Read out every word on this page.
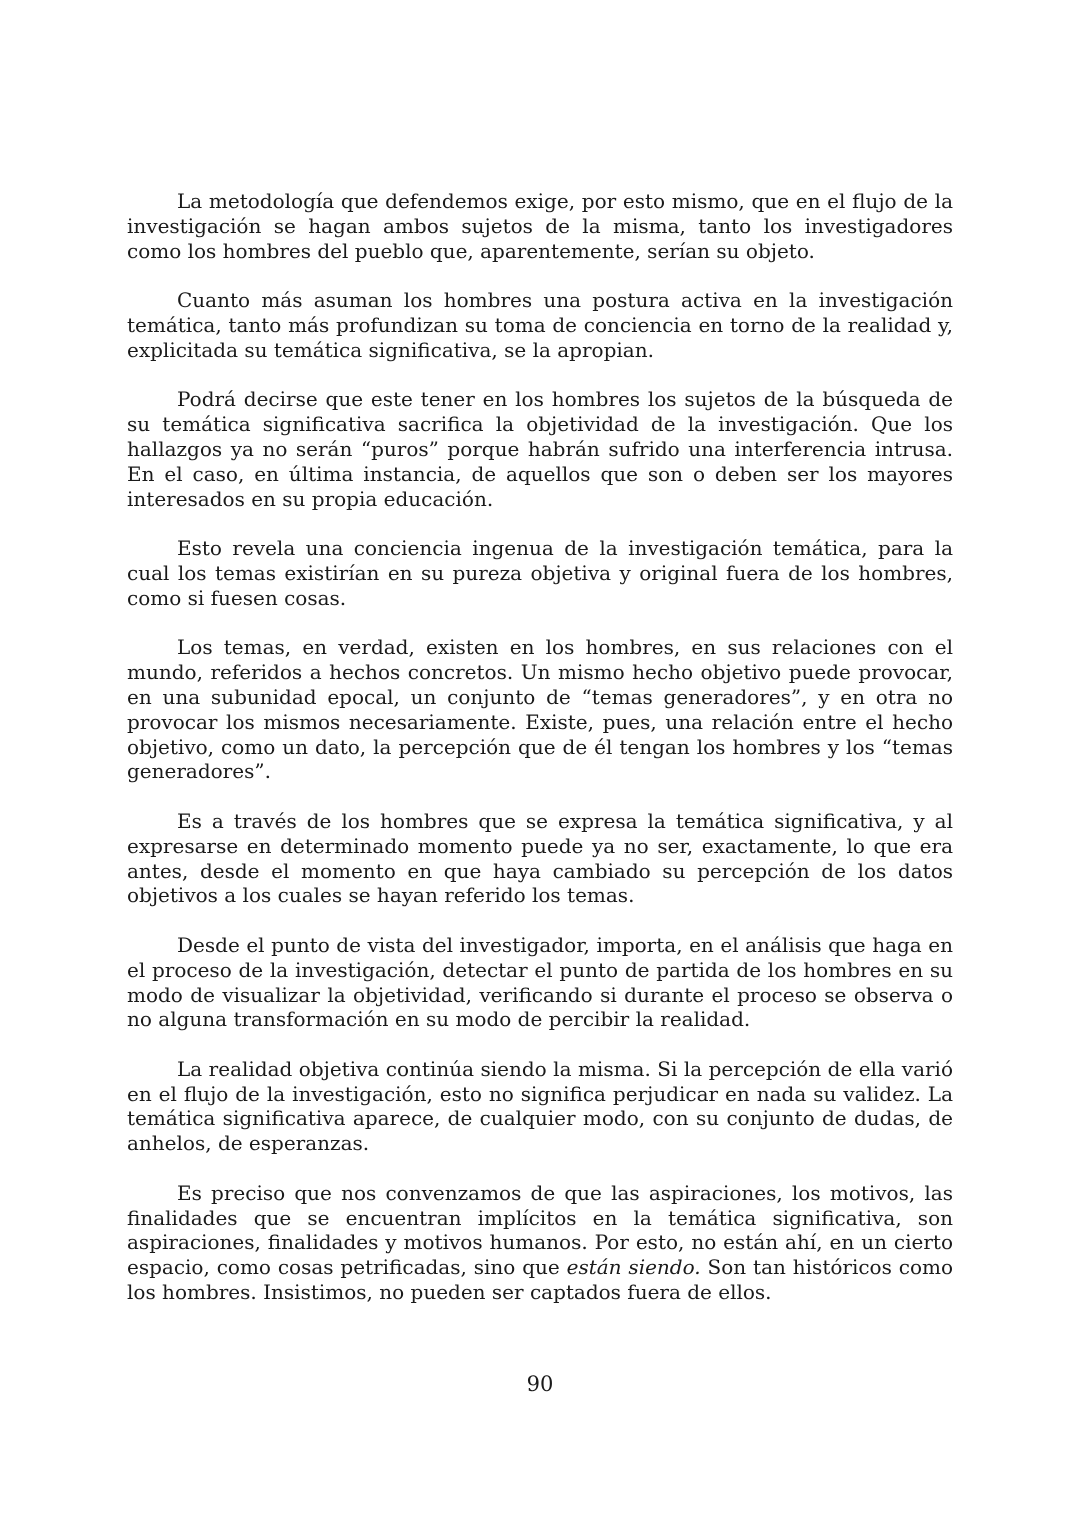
La metodología que defendemos exige, por esto mismo, que en el flujo de la investigación se hagan ambos sujetos de la misma, tanto los investigadores como los hombres del pueblo que, aparentemente, serían su objeto.

Cuanto más asuman los hombres una postura activa en la investigación temática, tanto más profundizan su toma de conciencia en torno de la realidad y, explicitada su temática significativa, se la apropian.

Podrá decirse que este tener en los hombres los sujetos de la búsqueda de su temática significativa sacrifica la objetividad de la investigación. Que los hallazgos ya no serán “puros” porque habrán sufrido una interferencia intrusa. En el caso, en última instancia, de aquellos que son o deben ser los mayores interesados en su propia educación.

Esto revela una conciencia ingenua de la investigación temática, para la cual los temas existirían en su pureza objetiva y original fuera de los hombres, como si fuesen cosas.

Los temas, en verdad, existen en los hombres, en sus relaciones con el mundo, referidos a hechos concretos. Un mismo hecho objetivo puede provocar, en una subunidad epocal, un conjunto de “temas generadores”, y en otra no provocar los mismos necesariamente. Existe, pues, una relación entre el hecho objetivo, como un dato, la percepción que de él tengan los hombres y los “temas generadores”.

Es a través de los hombres que se expresa la temática significativa, y al expresarse en determinado momento puede ya no ser, exactamente, lo que era antes, desde el momento en que haya cambiado su percepción de los datos objetivos a los cuales se hayan referido los temas.

Desde el punto de vista del investigador, importa, en el análisis que haga en el proceso de la investigación, detectar el punto de partida de los hombres en su modo de visualizar la objetividad, verificando si durante el proceso se observa o no alguna transformación en su modo de percibir la realidad.

La realidad objetiva continúa siendo la misma. Si la percepción de ella varió en el flujo de la investigación, esto no significa perjudicar en nada su validez. La temática significativa aparece, de cualquier modo, con su conjunto de dudas, de anhelos, de esperanzas.

Es preciso que nos convenzamos de que las aspiraciones, los motivos, las finalidades que se encuentran implícitos en la temática significativa, son aspiraciones, finalidades y motivos humanos. Por esto, no están ahí, en un cierto espacio, como cosas petrificadas, sino que están siendo. Son tan históricos como los hombres. Insistimos, no pueden ser captados fuera de ellos.

90
